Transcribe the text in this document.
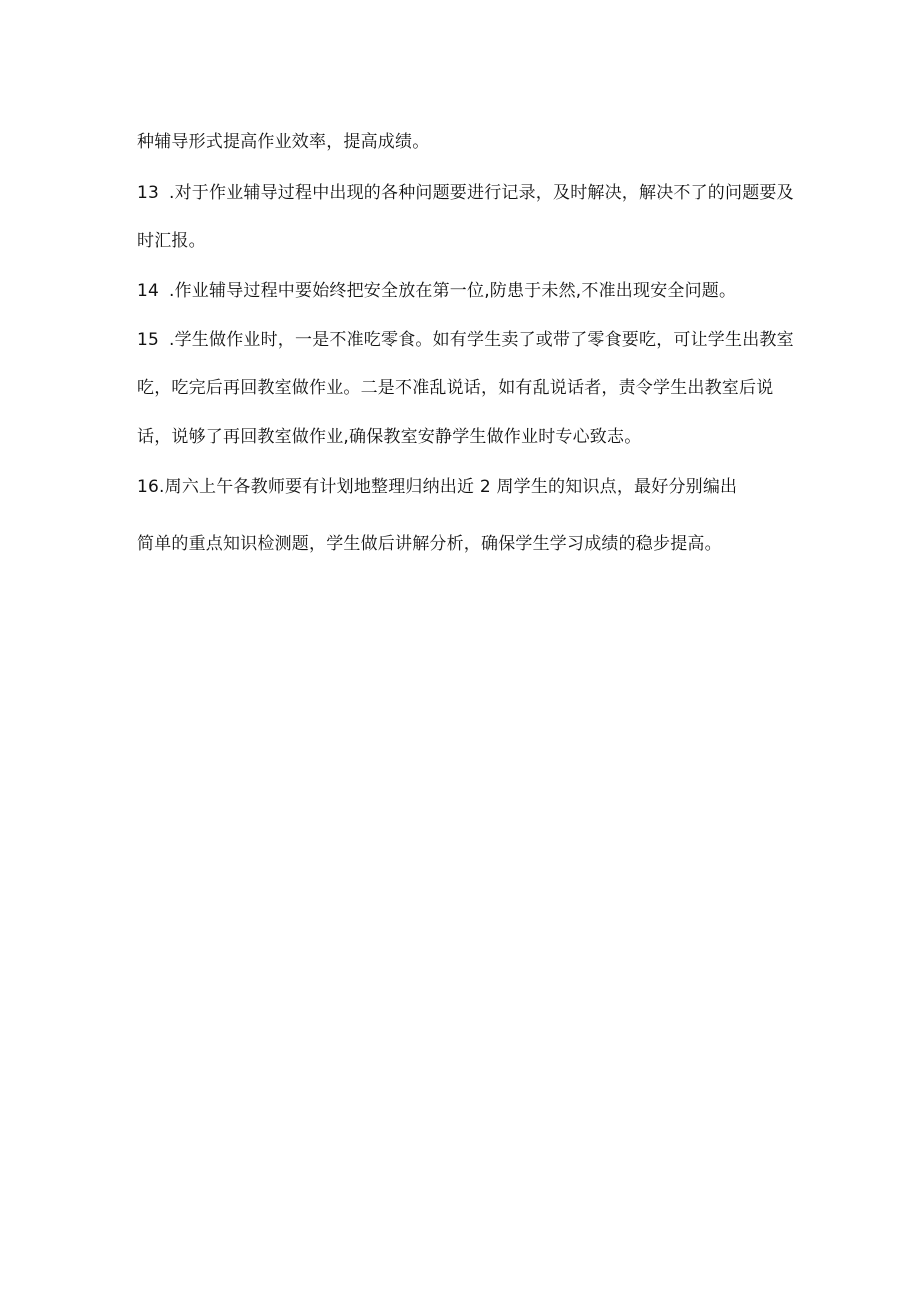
种辅导形式提高作业效率，提高成绩。
13 .对于作业辅导过程中出现的各种问题要进行记录，及时解决，解决不了的问题要及
时汇报。
14 .作业辅导过程中要始终把安全放在第一位,防患于未然,不准出现安全问题。
15 .学生做作业时，一是不准吃零食。如有学生卖了或带了零食要吃，可让学生出教室
吃，吃完后再回教室做作业。二是不准乱说话，如有乱说话者，责令学生出教室后说
话，说够了再回教室做作业,确保教室安静学生做作业时专心致志。
16.周六上午各教师要有计划地整理归纳出近 2 周学生的知识点，最好分别编出
简单的重点知识检测题，学生做后讲解分析，确保学生学习成绩的稳步提高。
